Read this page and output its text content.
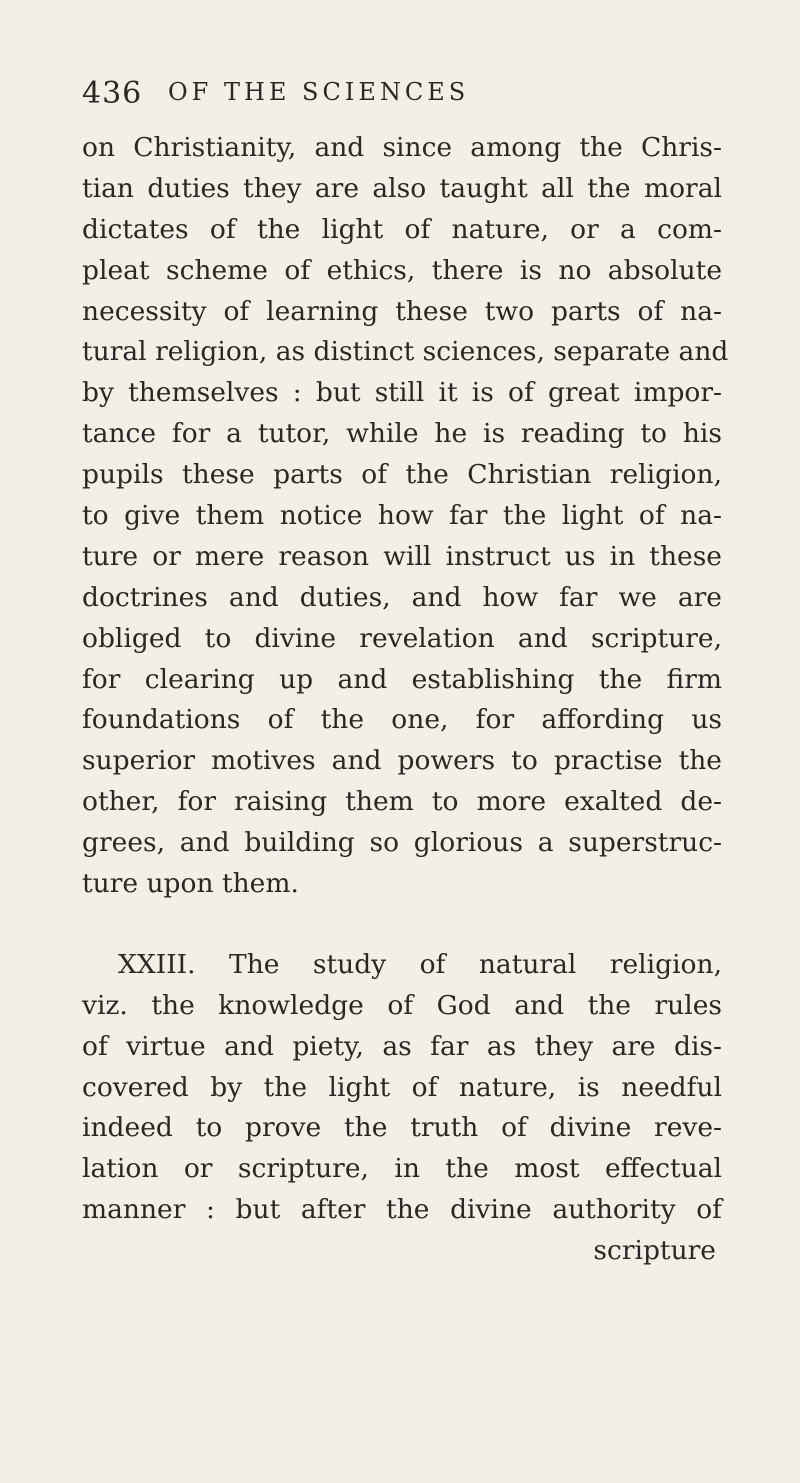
436 OF THE SCIENCES
on Christianity, and since among the Chris-
tian duties they are also taught all the moral
dictates of the light of nature, or a com-
pleat scheme of ethics, there is no absolute
necessity of learning these two parts of na-
tural religion, as distinct sciences, separate and
by themselves : but still it is of great impor-
tance for a tutor, while he is reading to his
pupils these parts of the Christian religion,
to give them notice how far the light of na-
ture or mere reason will instruct us in these
doctrines and duties, and how far we are
obliged to divine revelation and scripture,
for clearing up and establishing the firm
foundations of the one, for affording us
superior motives and powers to practise the
other, for raising them to more exalted de-
grees, and building so glorious a superstruc-
ture upon them.
XXIII. The study of natural religion,
viz. the knowledge of God and the rules
of virtue and piety, as far as they are dis-
covered by the light of nature, is needful
indeed to prove the truth of divine reve-
lation or scripture, in the most effectual
manner : but after the divine authority of
scripture
